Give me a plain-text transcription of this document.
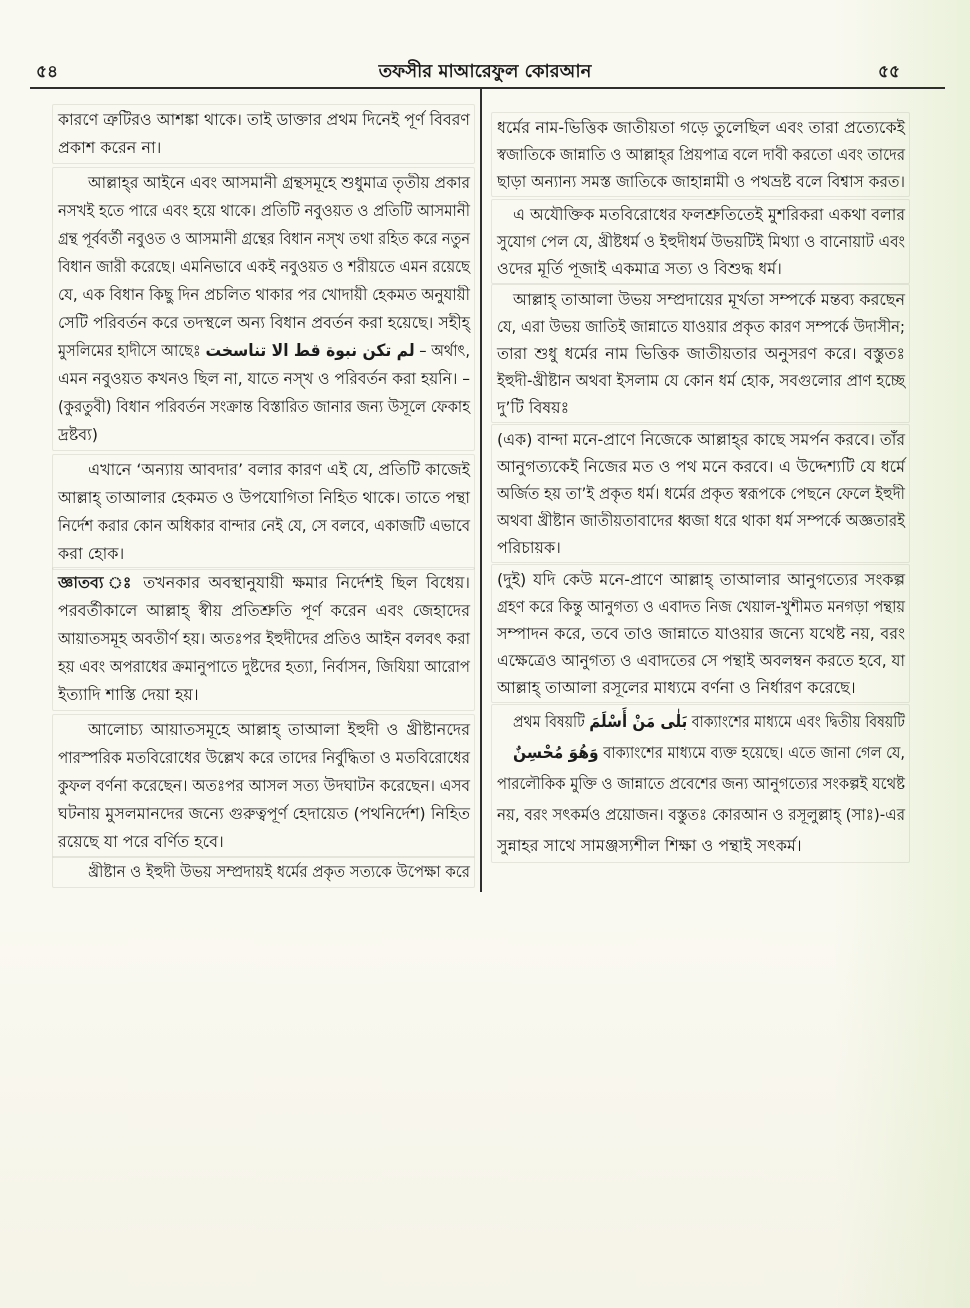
৫৪	তফসীর মাআরেফুল কোরআন	৫৫
কারণে ত্রুটিরও আশঙ্কা থাকে। তাই ডাক্তার প্রথম দিনেই পূর্ণ বিবরণ
প্রকাশ করেন না।
আল্লাহ্‌র আইনে এবং আসমানী গ্রন্থসমূহে শুধুমাত্র তৃতীয় প্রকার
নসখই হতে পারে এবং হয়ে থাকে। প্রতিটি নবুওয়ত ও প্রতিটি আসমানী
গ্রন্থ পূর্ববর্তী নবুওত ও আসমানী গ্রন্থের বিধান নস্‌খ তথা রহিত করে নতুন
বিধান জারী করেছে। এমনিভাবে একই নবুওয়ত ও শরীয়তে এমন রয়েছে
যে, এক বিধান কিছু দিন প্রচলিত থাকার পর খোদায়ী হেকমত অনুযায়ী
সেটি পরিবর্তন করে তদস্থলে অন্য বিধান প্রবর্তন করা হয়েছে। সহীহ্
মুসলিমের হাদীসে আছেঃ لم تكن نبوة قط الا تناسخت – অর্থাৎ,
এমন নবুওয়ত কখনও ছিল না, যাতে নস্‌খ ও পরিবর্তন করা হয়নি। –
(কুরতুবী) বিধান পরিবর্তন সংক্রান্ত বিস্তারিত জানার জন্য উসূলে ফেকাহ
দ্রষ্টব্য)
এখানে ‘অন্যায় আবদার’ বলার কারণ এই যে, প্রতিটি কাজেই
আল্লাহ্ তাআলার হেকমত ও উপযোগিতা নিহিত থাকে। তাতে পন্থা
নির্দেশ করার কোন অধিকার বান্দার নেই যে, সে বলবে, একাজটি এভাবে
করা হোক।
জ্ঞাতব্য ঃ তখনকার অবস্থানুযায়ী ক্ষমার নির্দেশই ছিল বিধেয়।
পরবর্তীকালে আল্লাহ্ স্বীয় প্রতিশ্রুতি পূর্ণ করেন এবং জেহাদের
আয়াতসমূহ অবতীর্ণ হয়। অতঃপর ইহুদীদের প্রতিও আইন বলবৎ করা
হয় এবং অপরাধের ক্রমানুপাতে দুষ্টদের হত্যা, নির্বাসন, জিযিয়া আরোপ
ইত্যাদি শাস্তি দেয়া হয়।
আলোচ্য আয়াতসমূহে আল্লাহ্ তাআলা ইহুদী ও খ্রীষ্টানদের
পারস্পরিক মতবিরোধের উল্লেখ করে তাদের নির্বুদ্ধিতা ও মতবিরোধের
কুফল বর্ণনা করেছেন। অতঃপর আসল সত্য উদঘাটন করেছেন। এসব
ঘটনায় মুসলমানদের জন্যে গুরুত্বপূর্ণ হেদায়েত (পথনির্দেশ) নিহিত
রয়েছে যা পরে বর্ণিত হবে।
খ্রীষ্টান ও ইহুদী উভয় সম্প্রদায়ই ধর্মের প্রকৃত সত্যকে উপেক্ষা করে
ধর্মের নাম-ভিত্তিক জাতীয়তা গড়ে তুলেছিল এবং তারা প্রত্যেকেই
স্বজাতিকে জান্নাতি ও আল্লাহ্‌র প্রিয়পাত্র বলে দাবী করতো এবং তাদের
ছাড়া অন্যান্য সমস্ত জাতিকে জাহান্নামী ও পথভ্রষ্ট বলে বিশ্বাস করত।
এ অযৌক্তিক মতবিরোধের ফলশ্রুতিতেই মুশরিকরা একথা বলার
সুযোগ পেল যে, খ্রীষ্টধর্ম ও ইহুদীধর্ম উভয়টিই মিথ্যা ও বানোয়াট এবং
ওদের মূর্তি পূজাই একমাত্র সত্য ও বিশুদ্ধ ধর্ম।
আল্লাহ্ তাআলা উভয় সম্প্রদায়ের মূর্খতা সম্পর্কে মন্তব্য করছেন
যে, এরা উভয় জাতিই জান্নাতে যাওয়ার প্রকৃত কারণ সম্পর্কে উদাসীন;
তারা শুধু ধর্মের নাম ভিত্তিক জাতীয়তার অনুসরণ করে। বস্তুতঃ
ইহুদী-খ্রীষ্টান অথবা ইসলাম যে কোন ধর্ম হোক, সবগুলোর প্রাণ হচ্ছে
দু’টি বিষয়ঃ
(এক) বান্দা মনে-প্রাণে নিজেকে আল্লাহ্‌র কাছে সমর্পন করবে। তাঁর
আনুগত্যকেই নিজের মত ও পথ মনে করবে। এ উদ্দেশ্যটি যে ধর্মে
অর্জিত হয় তা’ই প্রকৃত ধর্ম। ধর্মের প্রকৃত স্বরূপকে পেছনে ফেলে ইহুদী
অথবা খ্রীষ্টান জাতীয়তাবাদের ধ্বজা ধরে থাকা ধর্ম সম্পর্কে অজ্ঞতারই
পরিচায়ক।
(দুই) যদি কেউ মনে-প্রাণে আল্লাহ্ তাআলার আনুগত্যের সংকল্প
গ্রহণ করে কিন্তু আনুগত্য ও এবাদত নিজ খেয়াল-খুশীমত মনগড়া পন্থায়
সম্পাদন করে, তবে তাও জান্নাতে যাওয়ার জন্যে যথেষ্ট নয়, বরং
এক্ষেত্রেও আনুগত্য ও এবাদতের সে পন্থাই অবলম্বন করতে হবে, যা
আল্লাহ্ তাআলা রসূলের মাধ্যমে বর্ণনা ও নির্ধারণ করেছে।
প্রথম বিষয়টি بَلٰى مَنْ أَسْلَمَ বাক্যাংশের মাধ্যমে এবং দ্বিতীয় বিষয়টি
وَهُوَ مُحْسِنٌ বাক্যাংশের মাধ্যমে ব্যক্ত হয়েছে। এতে জানা গেল যে,
পারলৌকিক মুক্তি ও জান্নাতে প্রবেশের জন্য আনুগত্যের সংকল্পই যথেষ্ট
নয়, বরং সৎকর্মও প্রয়োজন। বস্তুতঃ কোরআন ও রসূলুল্লাহ্ (সাঃ)-এর
সুন্নাহর সাথে সামঞ্জস্যশীল শিক্ষা ও পন্থাই সৎকর্ম।
